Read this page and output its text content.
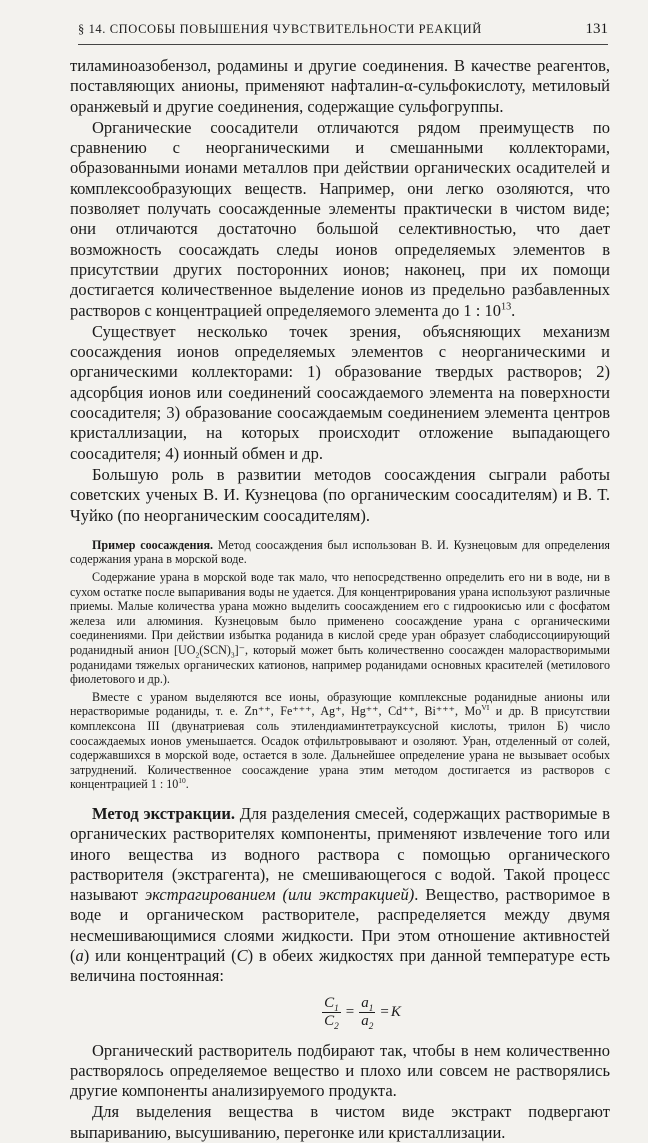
§ 14. СПОСОБЫ ПОВЫШЕНИЯ ЧУВСТВИТЕЛЬНОСТИ РЕАКЦИЙ	131

тиламиноазобензол, родамины и другие соединения. В качестве реагентов, поставляющих анионы, применяют нафталин-α-сульфокислоту, метиловый оранжевый и другие соединения, содержащие сульфогруппы.

Органические соосадители отличаются рядом преимуществ по сравнению с неорганическими и смешанными коллекторами, образованными ионами металлов при действии органических осадителей и комплексообразующих веществ. Например, они легко озоляются, что позволяет получать соосажденные элементы практически в чистом виде; они отличаются достаточно большой селективностью, что дает возможность соосаждать следы ионов определяемых элементов в присутствии других посторонних ионов; наконец, при их помощи достигается количественное выделение ионов из предельно разбавленных растворов с концентрацией определяемого элемента до 1 : $10^{13}$.

Существует несколько точек зрения, объясняющих механизм соосаждения ионов определяемых элементов с неорганическими и органическими коллекторами: 1) образование твердых растворов; 2) адсорбция ионов или соединений соосаждаемого элемента на поверхности соосадителя; 3) образование соосаждаемым соединением элемента центров кристаллизации, на которых происходит отложение выпадающего соосадителя; 4) ионный обмен и др.

Большую роль в развитии методов соосаждения сыграли работы советских ученых В. И. Кузнецова (по органическим соосадителям) и В. Т. Чуйко (по неорганическим соосадителям).

Пример соосаждения. Метод соосаждения был использован В. И. Кузнецовым для определения содержания урана в морской воде.

Содержание урана в морской воде так мало, что непосредственно определить его ни в воде, ни в сухом остатке после выпаривания воды не удается. Для концентрирования урана используют различные приемы. Малые количества урана можно выделить соосаждением его с гидроокисью или с фосфатом железа или алюминия. Кузнецовым было применено соосаждение урана с органическими соединениями. При действии избытка роданида в кислой среде уран образует слабодиссоциирующий роданидный анион $[UO_2(SCN)_3]^-$, который может быть количественно соосажден малорастворимыми роданидами тяжелых органических катионов, например роданидами основных красителей (метилового фиолетового и др.).

Вместе с ураном выделяются все ионы, образующие комплексные роданидные анионы или нерастворимые роданиды, т. е. Zn⁺⁺, Fe⁺⁺⁺, Ag⁺, Hg⁺⁺, Cd⁺⁺, Bi⁺⁺⁺, $Mo^{VI}$ и др. В присутствии комплексона III (двунатриевая соль этилендиаминтетрауксусной кислоты, трилон Б) число соосаждаемых ионов уменьшается. Осадок отфильтровывают и озоляют. Уран, отделенный от солей, содержавшихся в морской воде, остается в золе. Дальнейшее определение урана не вызывает особых затруднений. Количественное соосаждение урана этим методом достигается из растворов с концентрацией 1 : $10^{10}$.

Метод экстракции. Для разделения смесей, содержащих растворимые в органических растворителях компоненты, применяют извлечение того или иного вещества из водного раствора с помощью органического растворителя (экстрагента), не смешивающегося с водой. Такой процесс называют экстрагированием (или экстракцией). Вещество, растворимое в воде и органическом растворителе, распределяется между двумя несмешивающимися слоями жидкости. При этом отношение активностей (a) или концентраций (C) в обеих жидкостях при данной температуре есть величина постоянная:

$\frac{C_1}{C_2} = \frac{a_1}{a_2} = K$

Органический растворитель подбирают так, чтобы в нем количественно растворялось определяемое вещество и плохо или совсем не растворялись другие компоненты анализируемого продукта.

Для выделения вещества в чистом виде экстракт подвергают выпариванию, высушиванию, перегонке или кристаллизации.
